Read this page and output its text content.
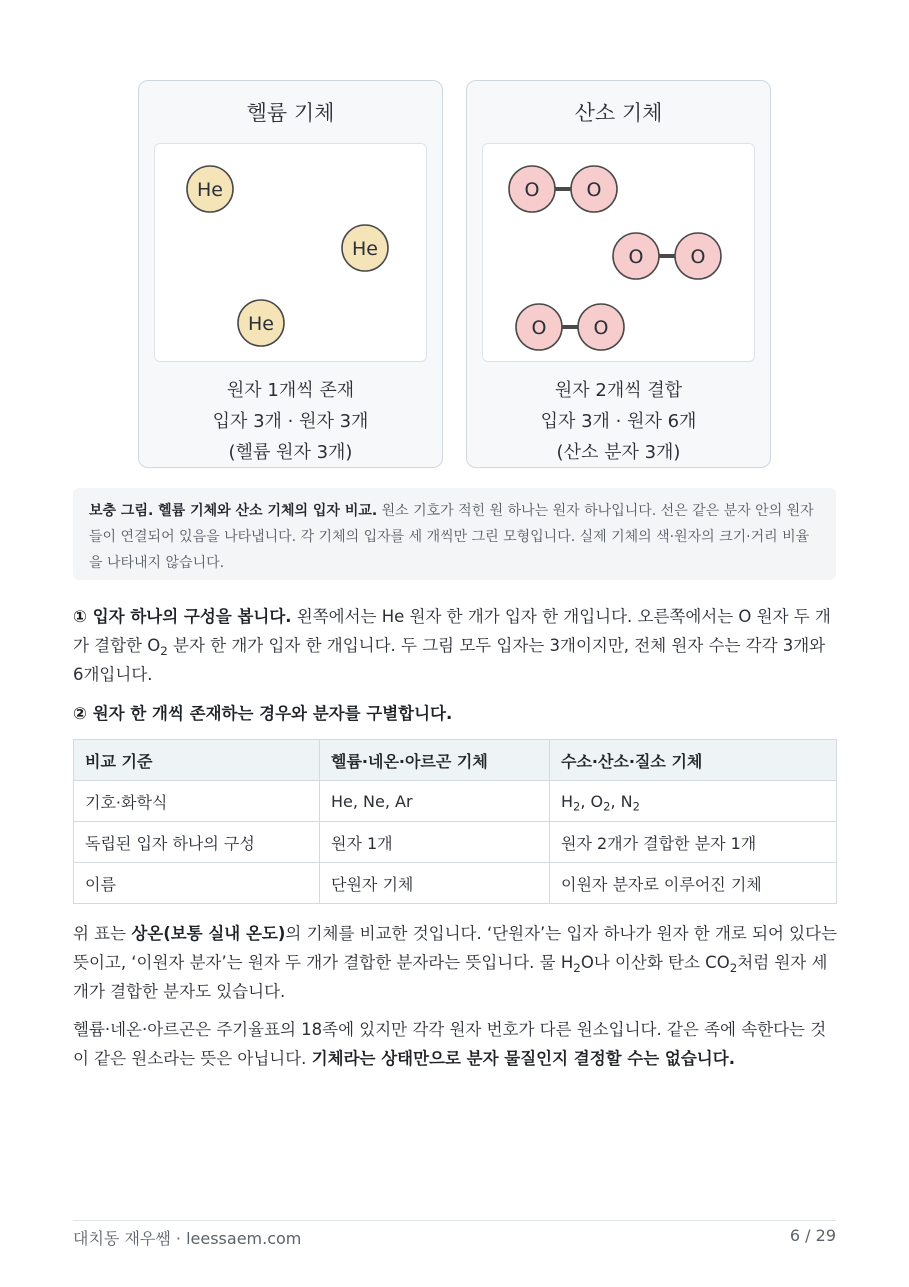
헬륨 기체
He
He
He
원자 1개씩 존재
입자 3개 · 원자 3개
(헬륨 원자 3개)
산소 기체
O O
O O
O O
원자 2개씩 결합
입자 3개 · 원자 6개
(산소 분자 3개)
보충 그림. 헬륨 기체와 산소 기체의 입자 비교. 원소 기호가 적힌 원 하나는 원자 하나입니다. 선은 같은 분자 안의 원자들이 연결되어 있음을 나타냅니다. 각 기체의 입자를 세 개씩만 그린 모형입니다. 실제 기체의 색·원자의 크기·거리 비율을 나타내지 않습니다.
① 입자 하나의 구성을 봅니다. 왼쪽에서는 He 원자 한 개가 입자 한 개입니다. 오른쪽에서는 O 원자 두 개가 결합한 $O_2$ 분자 한 개가 입자 한 개입니다. 두 그림 모두 입자는 3개이지만, 전체 원자 수는 각각 3개와 6개입니다.
② 원자 한 개씩 존재하는 경우와 분자를 구별합니다.
비교 기준	헬륨·네온·아르곤 기체	수소·산소·질소 기체
기호·화학식	He, Ne, Ar	$H_2$, $O_2$, $N_2$
독립된 입자 하나의 구성	원자 1개	원자 2개가 결합한 분자 1개
이름	단원자 기체	이원자 분자로 이루어진 기체
위 표는 상온(보통 실내 온도)의 기체를 비교한 것입니다. ‘단원자’는 입자 하나가 원자 한 개로 되어 있다는 뜻이고, ‘이원자 분자’는 원자 두 개가 결합한 분자라는 뜻입니다. 물 $H_2O$나 이산화 탄소 $CO_2$처럼 원자 세 개가 결합한 분자도 있습니다.
헬륨·네온·아르곤은 주기율표의 18족에 있지만 각각 원자 번호가 다른 원소입니다. 같은 족에 속한다는 것이 같은 원소라는 뜻은 아닙니다. 기체라는 상태만으로 분자 물질인지 결정할 수는 없습니다.
대치동 재우쌤 · leessaem.com	6 / 29
